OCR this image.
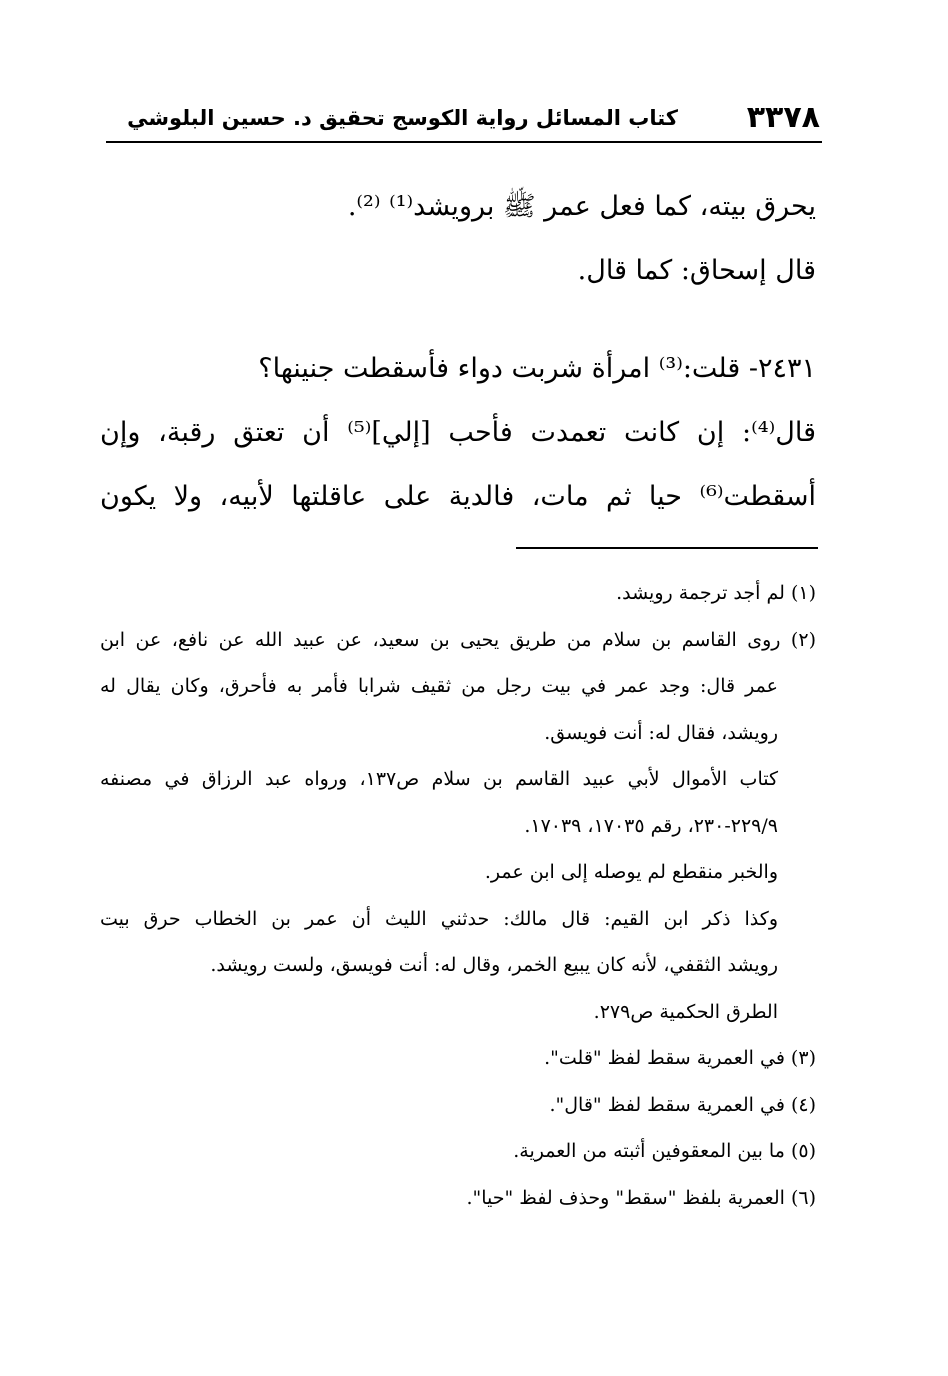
٣٣٧٨
كتاب المسائل رواية الكوسج تحقيق د. حسين البلوشي
يحرق بيته، كما فعل عمر ﷺ برويشد⁽¹⁾ ⁽²⁾.
قال إسحاق: كما قال.
٢٤٣١- قلت:⁽³⁾ امرأة شربت دواء فأسقطت جنينها؟
قال⁽⁴⁾: إن كانت تعمدت فأحب [إلي]⁽⁵⁾ أن تعتق رقبة، وإن
أسقطت⁽⁶⁾ حيا ثم مات، فالدية على عاقلتها لأبيه، ولا يكون
(١) لم أجد ترجمة رويشد.
(٢) روى القاسم بن سلام من طريق يحيى بن سعيد، عن عبيد الله عن نافع، عن ابن
عمر قال: وجد عمر في بيت رجل من ثقيف شرابا فأمر به فأحرق، وكان يقال له
رويشد، فقال له: أنت فويسق.
كتاب الأموال لأبي عبيد القاسم بن سلام ص١٣٧، ورواه عبد الرزاق في مصنفه
٢٢٩/٩-٢٣٠، رقم ١٧٠٣٥، ١٧٠٣٩.
والخبر منقطع لم يوصله إلى ابن عمر.
وكذا ذكر ابن القيم: قال مالك: حدثني الليث أن عمر بن الخطاب حرق بيت
رويشد الثقفي، لأنه كان يبيع الخمر، وقال له: أنت فويسق، ولست رويشد.
الطرق الحكمية ص٢٧٩.
(٣) في العمرية سقط لفظ "قلت".
(٤) في العمرية سقط لفظ "قال".
(٥) ما بين المعقوفين أثبته من العمرية.
(٦) العمرية بلفظ "سقط" وحذف لفظ "حيا".
